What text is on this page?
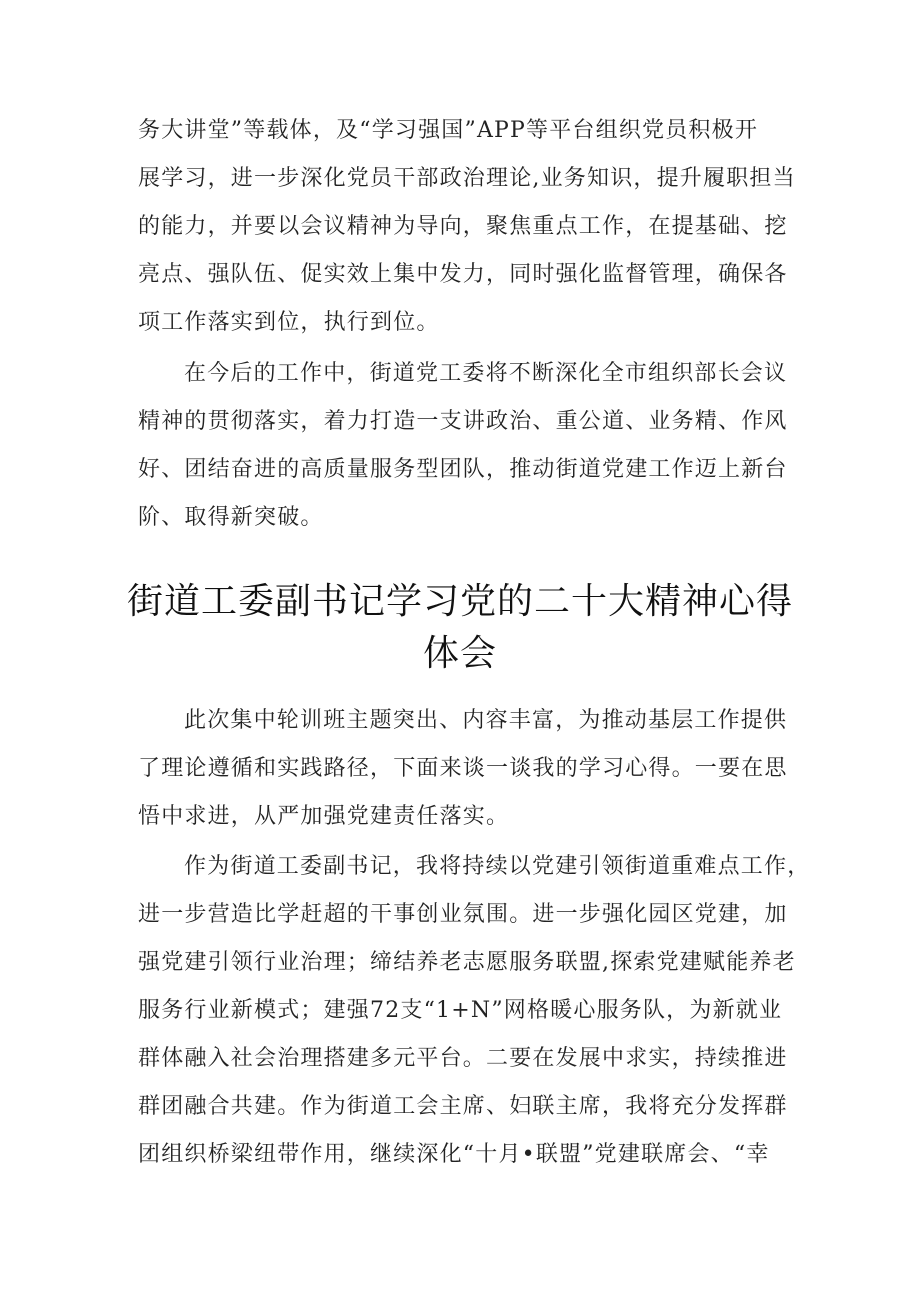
务大讲堂”等载体，及“学习强国”APP等平台组织党员积极开
展学习，进一步深化党员干部政治理论,业务知识，提升履职担当
的能力，并要以会议精神为导向，聚焦重点工作，在提基础、挖
亮点、强队伍、促实效上集中发力，同时强化监督管理，确保各
项工作落实到位，执行到位。
在今后的工作中，街道党工委将不断深化全市组织部长会议
精神的贯彻落实，着力打造一支讲政治、重公道、业务精、作风
好、团结奋进的高质量服务型团队，推动街道党建工作迈上新台
阶、取得新突破。
街道工委副书记学习党的二十大精神心得
体会
此次集中轮训班主题突出、内容丰富，为推动基层工作提供
了理论遵循和实践路径，下面来谈一谈我的学习心得。一要在思
悟中求进，从严加强党建责任落实。
作为街道工委副书记，我将持续以党建引领街道重难点工作，
进一步营造比学赶超的干事创业氛围。进一步强化园区党建，加
强党建引领行业治理；缔结养老志愿服务联盟,探索党建赋能养老
服务行业新模式；建强72支“1+N”网格暖心服务队，为新就业
群体融入社会治理搭建多元平台。二要在发展中求实，持续推进
群团融合共建。作为街道工会主席、妇联主席，我将充分发挥群
团组织桥梁纽带作用，继续深化“十月•联盟”党建联席会、“幸
